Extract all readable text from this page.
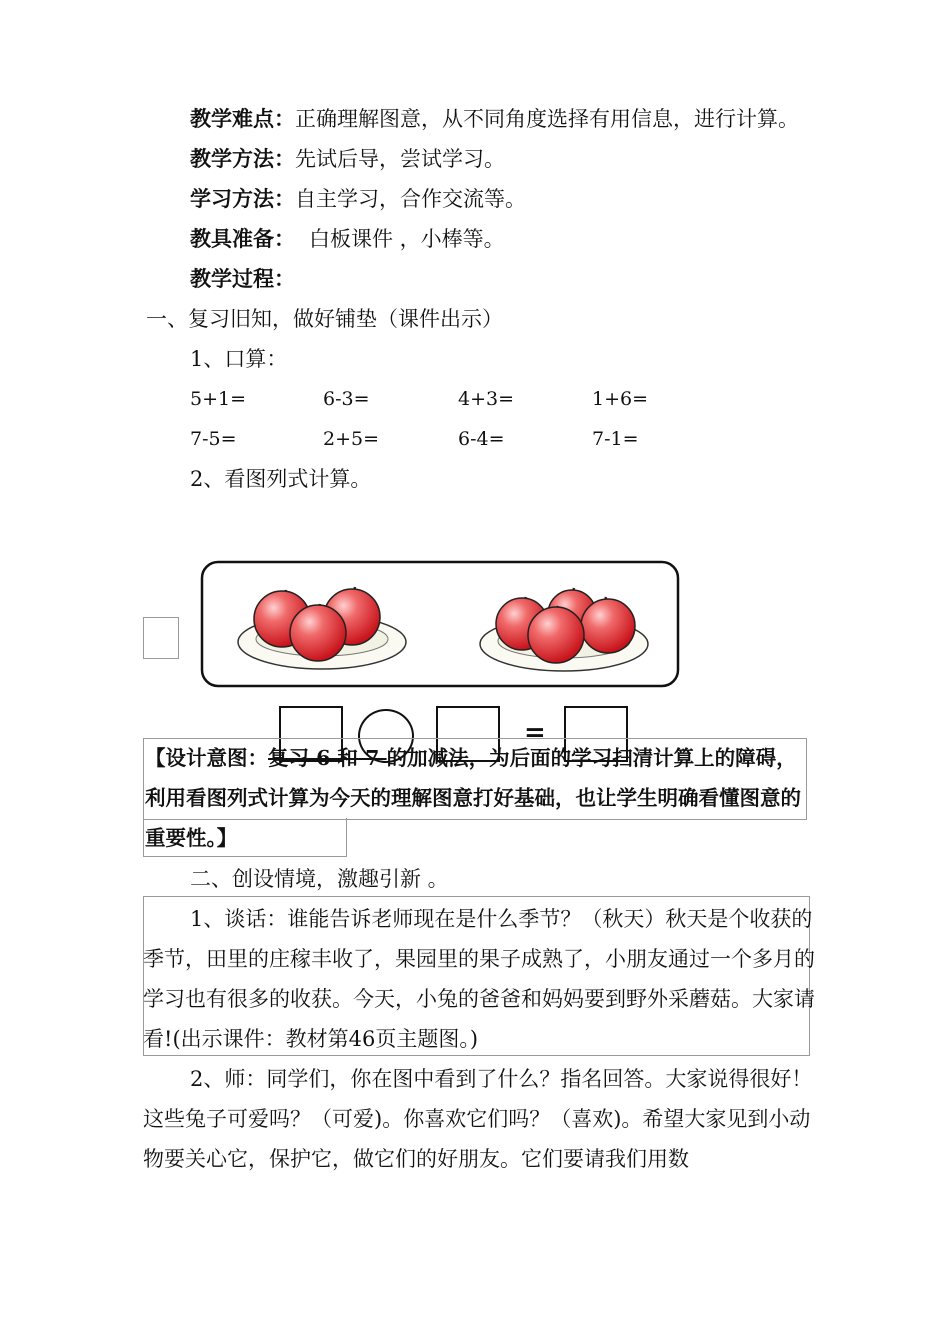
教学难点：正确理解图意，从不同角度选择有用信息，进行计算。
教学方法：先试后导，尝试学习。
学习方法：自主学习，合作交流等。
教具准备： 白板课件 ，小棒等。
教学过程：
一、复习旧知，做好铺垫（课件出示）
1、口算：
5+1=	6-3=	4+3=	1+6=
7-5=	2+5=	6-4=	7-1=
2、看图列式计算。
=
【设计意图：复习 6 和 7 的加减法，为后面的学习扫清计算上的障碍，利用看图列式计算为今天的理解图意打好基础，也让学生明确看懂图意的重要性。】
二、创设情境，激趣引新 。
1、谈话：谁能告诉老师现在是什么季节？（秋天）秋天是个收获的季节，田里的庄稼丰收了，果园里的果子成熟了，小朋友通过一个多月的学习也有很多的收获。今天，小兔的爸爸和妈妈要到野外采蘑菇。大家请看!(出示课件：教材第46页主题图。)
2、师：同学们，你在图中看到了什么？指名回答。大家说得很好！这些兔子可爱吗？（可爱)。你喜欢它们吗？（喜欢)。希望大家见到小动物要关心它，保护它，做它们的好朋友。它们要请我们用数
